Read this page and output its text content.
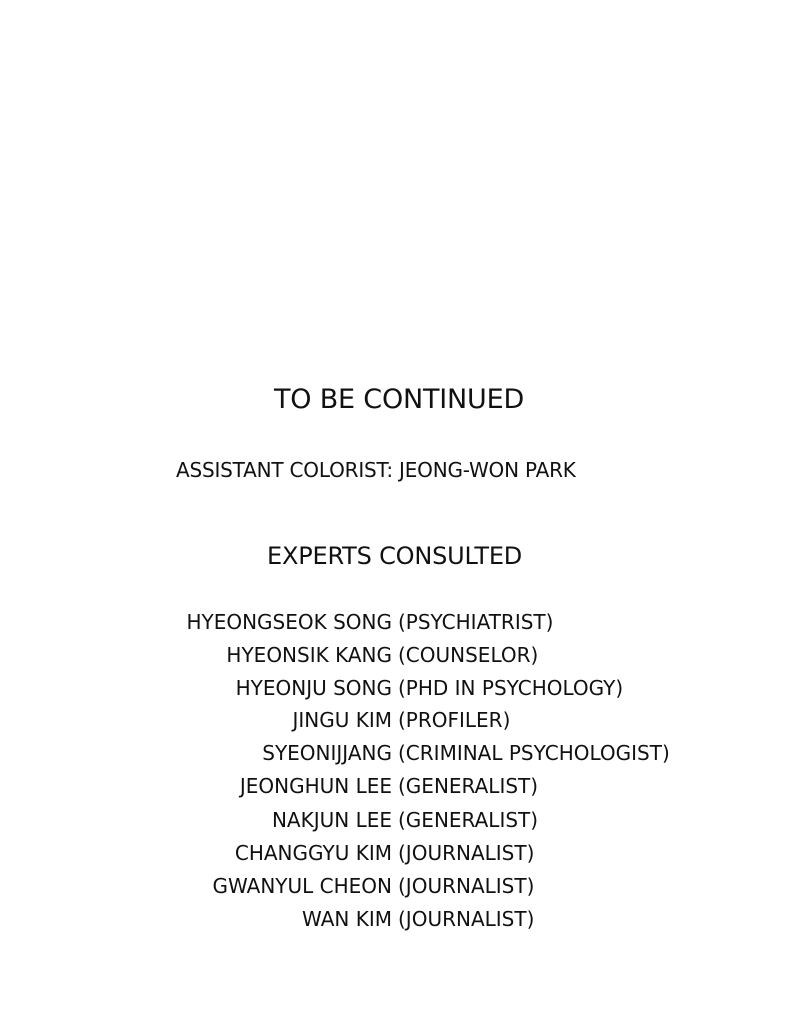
TO BE CONTINUED
ASSISTANT COLORIST: JEONG-WON PARK
EXPERTS CONSULTED
HYEONGSEOK SONG (PSYCHIATRIST)
HYEONSIK KANG (COUNSELOR)
HYEONJU SONG (PHD IN PSYCHOLOGY)
JINGU KIM (PROFILER)
SYEONIJJANG (CRIMINAL PSYCHOLOGIST)
JEONGHUN LEE (GENERALIST)
NAKJUN LEE (GENERALIST)
CHANGGYU KIM (JOURNALIST)
GWANYUL CHEON (JOURNALIST)
WAN KIM (JOURNALIST)
